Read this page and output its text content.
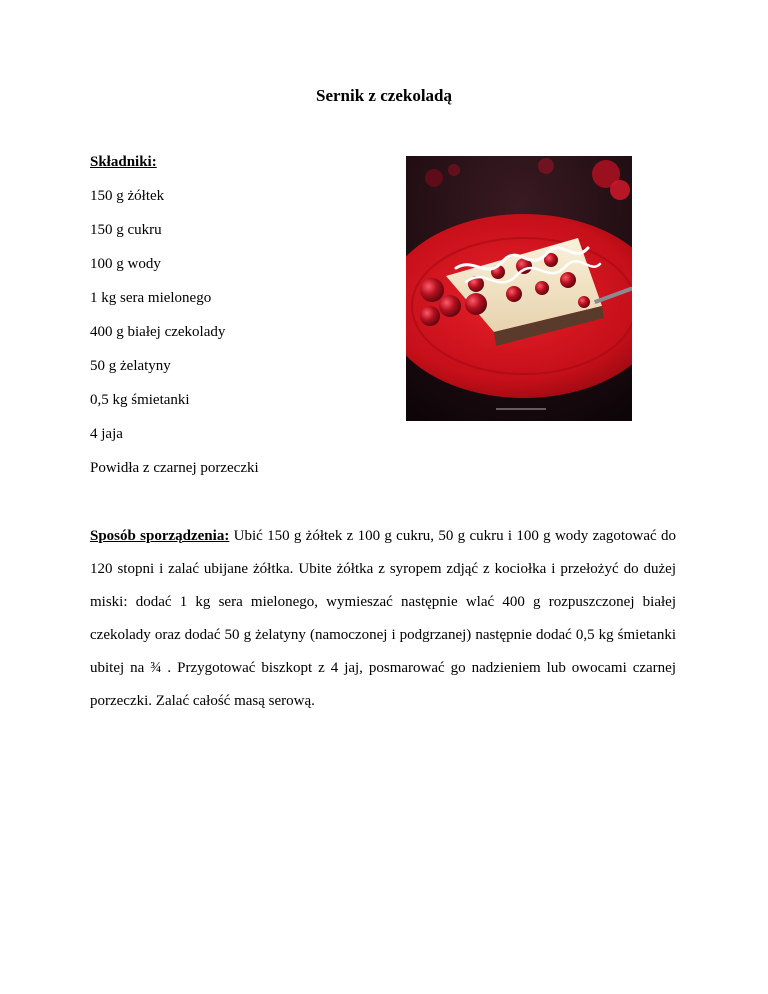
Sernik z czekoladą
Składniki:
150 g żółtek
150 g cukru
100 g wody
1 kg sera mielonego
400 g białej czekolady
50 g żelatyny
0,5 kg śmietanki
4 jaja
Powidła z czarnej porzeczki
Sposób sporządzenia: Ubić 150 g żółtek z 100 g cukru, 50 g cukru i 100 g wody zagotować do 120 stopni i zalać ubijane żółtka. Ubite żółtka z syropem zdjąć z kociołka i przełożyć do dużej miski: dodać 1 kg sera mielonego, wymieszać następnie wlać 400 g rozpuszczonej białej czekolady oraz dodać 50 g żelatyny (namoczonej i podgrzanej) następnie dodać 0,5 kg śmietanki ubitej na ¾ . Przygotować biszkopt z 4 jaj, posmarować go nadzieniem lub owocami czarnej porzeczki. Zalać całość masą serową.
